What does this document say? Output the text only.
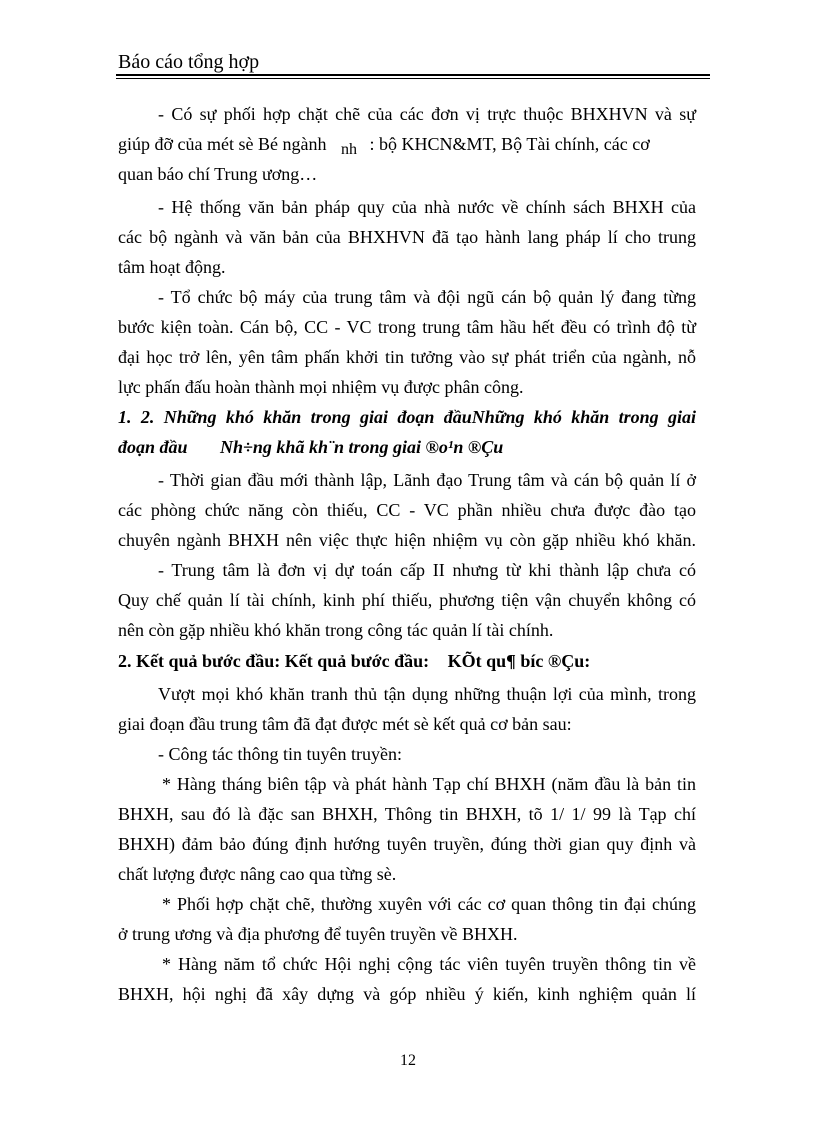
Báo cáo tổng hợp
- Có sự phối hợp chặt chẽ của các đơn vị trực thuộc BHXHVN và sự
giúp đỡ của mét sè Bé ngành nh : bộ KHCN&MT, Bộ Tài chính, các cơ
quan báo chí Trung ương…
- Hệ thống văn bản pháp quy của nhà nước về chính sách BHXH của
các bộ ngành và văn bản của BHXHVN đã tạo hành lang pháp lí cho trung
tâm hoạt động.
- Tổ chức bộ máy của trung tâm và đội ngũ cán bộ quản lý đang từng
bước kiện toàn. Cán bộ, CC - VC trong trung tâm hầu hết đều có trình độ từ
đại học trở lên, yên tâm phấn khởi tin tưởng vào sự phát triển của ngành, nỗ
lực phấn đấu hoàn thành mọi nhiệm vụ được phân công.
1. 2. Những khó khăn trong giai đoạn đầuNhững khó khăn trong giai
đoạn đầu Nh÷ng khã kh¨n trong giai ®o¹n ®Çu
- Thời gian đầu mới thành lập, Lãnh đạo Trung tâm và cán bộ quản lí ở
các phòng chức năng còn thiếu, CC - VC phần nhiều chưa được đào tạo
chuyên ngành BHXH nên việc thực hiện nhiệm vụ còn gặp nhiều khó khăn.
- Trung tâm là đơn vị dự toán cấp II nhưng từ khi thành lập chưa có
Quy chế quản lí tài chính, kinh phí thiếu, phương tiện vận chuyển không có
nên còn gặp nhiều khó khăn trong công tác quản lí tài chính.
2. Kết quả bước đầu: Kết quả bước đầu: KÕt qu¶ bíc ®Çu:
Vượt mọi khó khăn tranh thủ tận dụng những thuận lợi của mình, trong
giai đoạn đầu trung tâm đã đạt được mét sè kết quả cơ bản sau:
- Công tác thông tin tuyên truyền:
* Hàng tháng biên tập và phát hành Tạp chí BHXH (năm đầu là bản tin
BHXH, sau đó là đặc san BHXH, Thông tin BHXH, tõ 1/ 1/ 99 là Tạp chí
BHXH) đảm bảo đúng định hướng tuyên truyền, đúng thời gian quy định và
chất lượng được nâng cao qua từng sè.
* Phối hợp chặt chẽ, thường xuyên với các cơ quan thông tin đại chúng
ở trung ương và địa phương để tuyên truyền về BHXH.
* Hàng năm tổ chức Hội nghị cộng tác viên tuyên truyền thông tin về
BHXH, hội nghị đã xây dựng và góp nhiều ý kiến, kinh nghiệm quản lí
12
